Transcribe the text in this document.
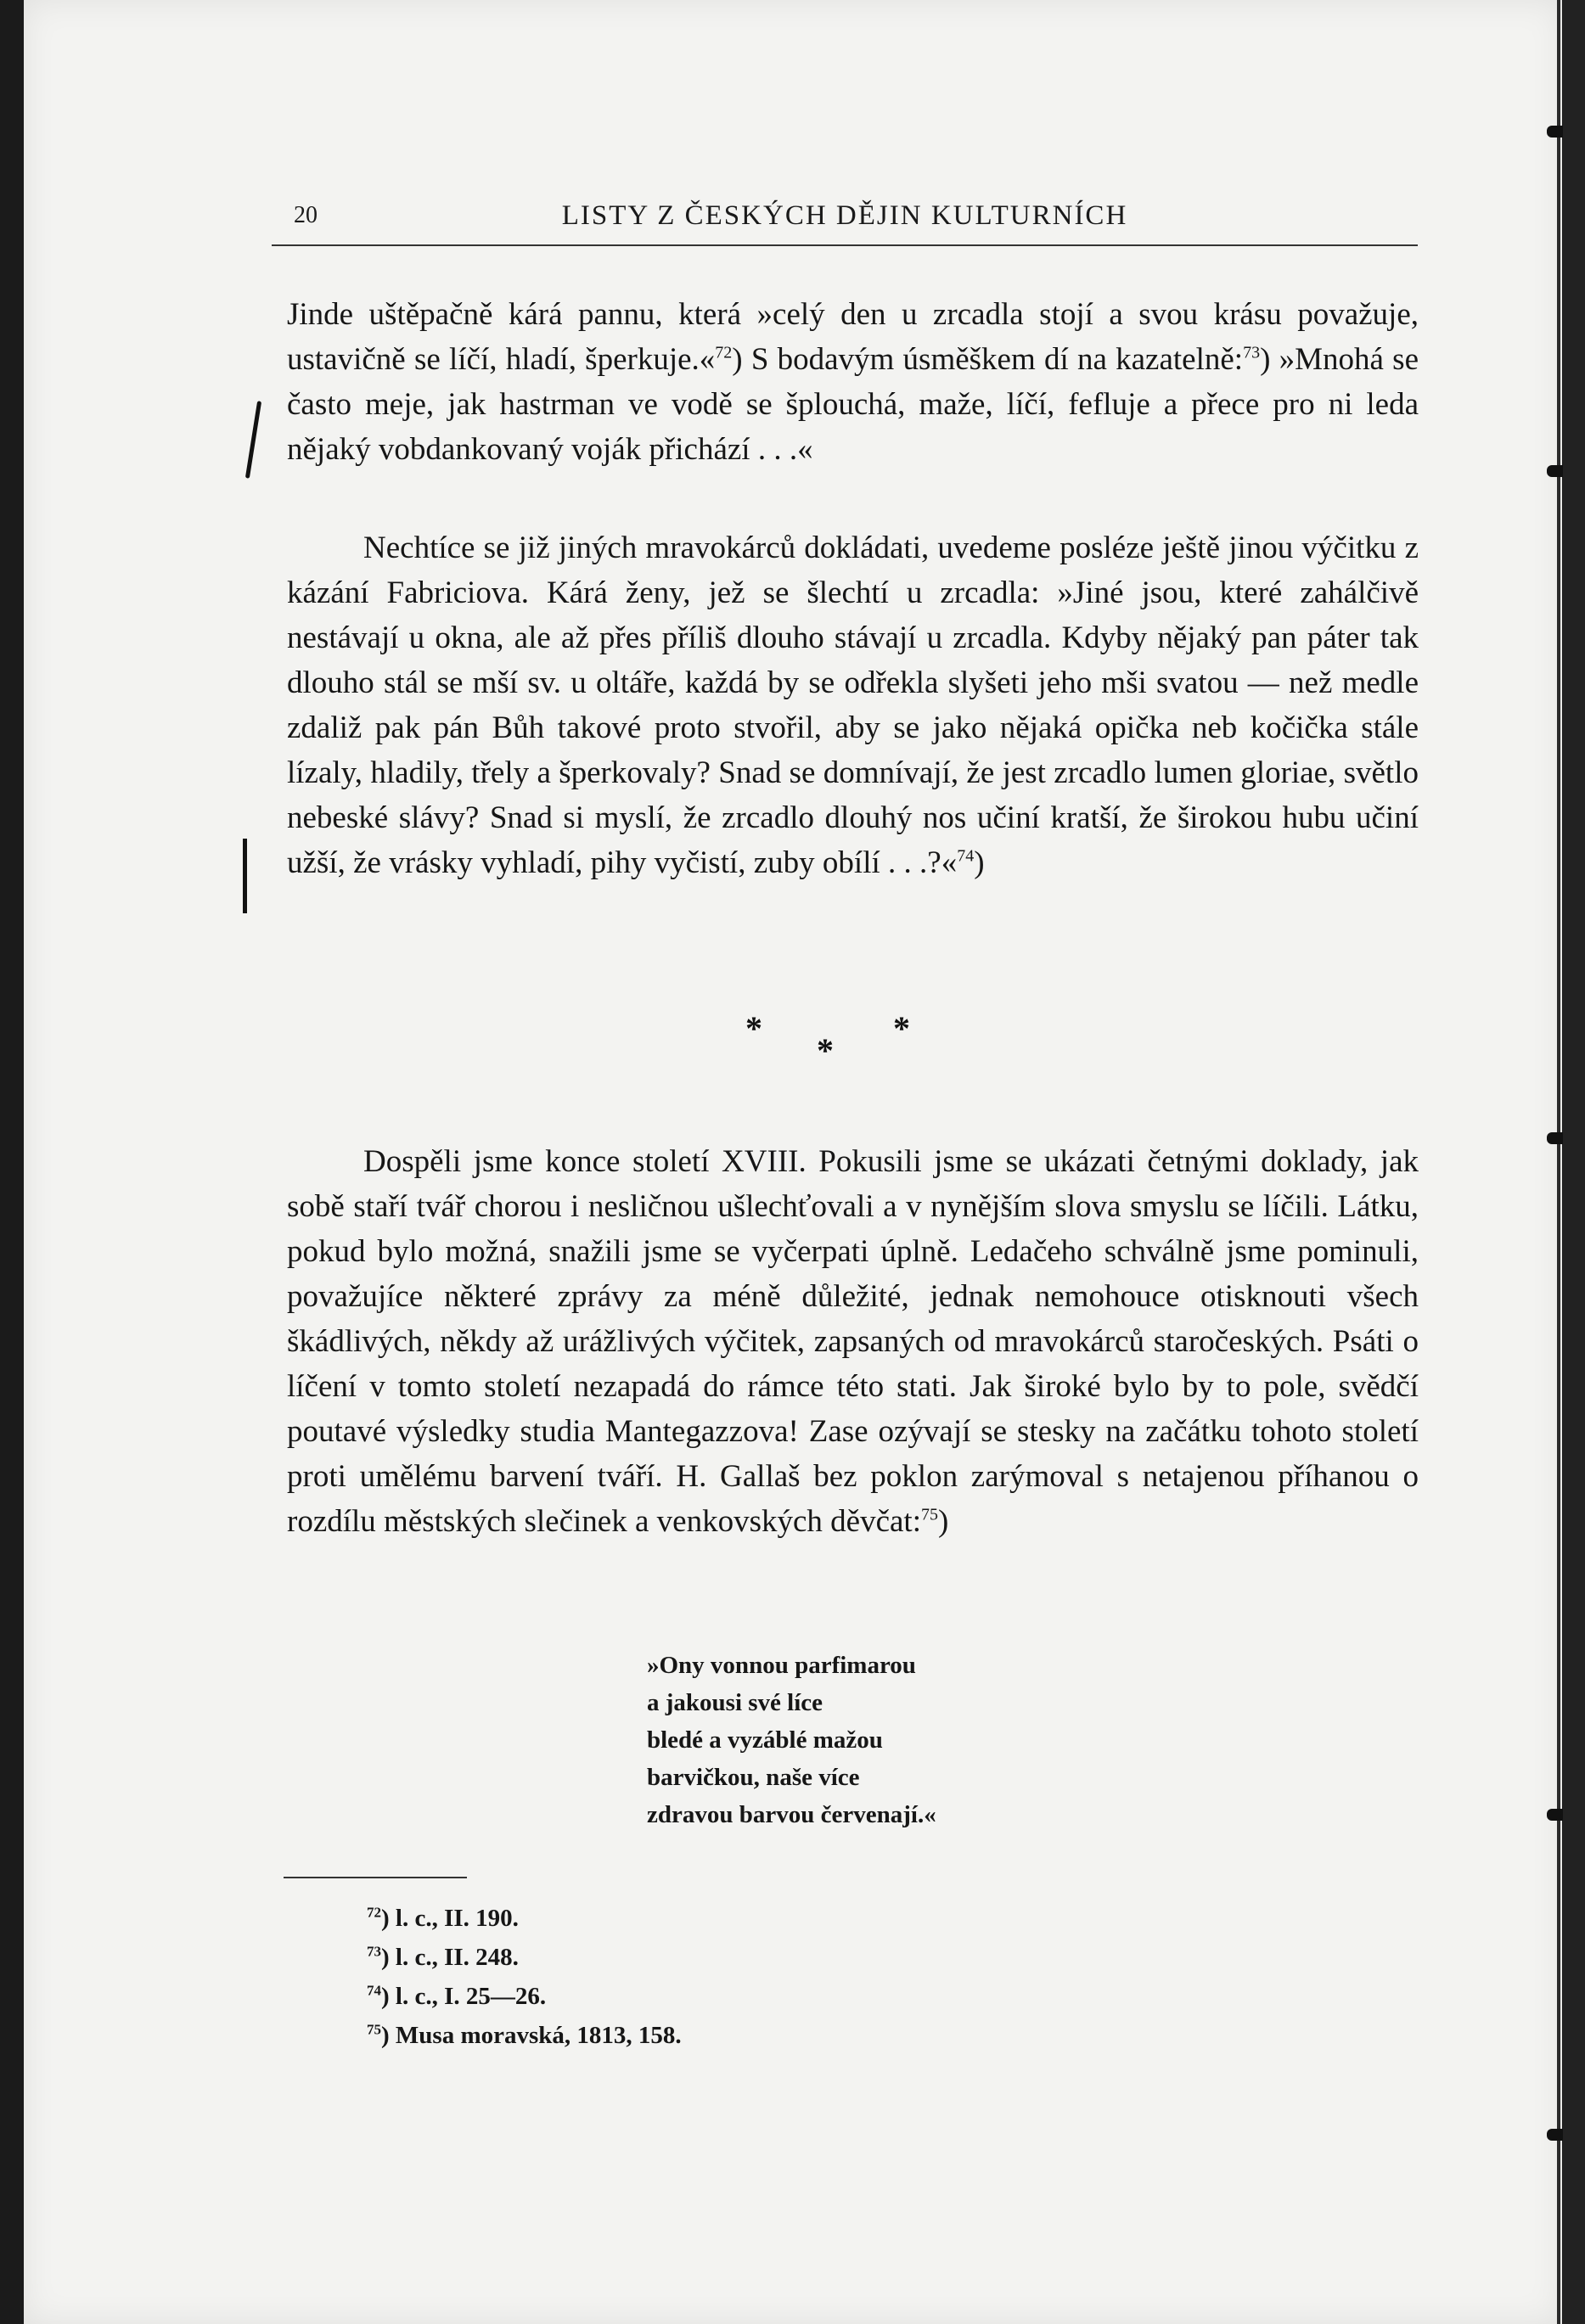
20	LISTY Z ČESKÝCH DĚJIN KULTURNÍCH

Jinde uštěpačně kárá pannu, která »celý den u zrcadla stojí a svou krásu považuje, ustavičně se líčí, hladí, šperkuje.«$^{72}$) S bodavým úsměškem dí na kazatelně:$^{73}$) »Mnohá se často meje, jak hastrman ve vodě se šplouchá, maže, líčí, fefluje a přece pro ni leda nějaký vobdankovaný voják přichází . . .«

Nechtíce se již jiných mravokárců dokládati, uvedeme posléze ještě jinou výčitku z kázání Fabriciova. Kárá ženy, jež se šlechtí u zrcadla: »Jiné jsou, které zahálčivě nestávají u okna, ale až přes příliš dlouho stávají u zrcadla. Kdyby nějaký pan páter tak dlouho stál se mší sv. u oltáře, každá by se odřekla slyšeti jeho mši svatou — než medle zdaliž pak pán Bůh takové proto stvořil, aby se jako nějaká opička neb kočička stále lízaly, hladily, třely a šperkovaly? Snad se domnívají, že jest zrcadlo lumen gloriae, světlo nebeské slávy? Snad si myslí, že zrcadlo dlouhý nos učiní kratší, že širokou hubu učiní užší, že vrásky vyhladí, pihy vyčistí, zuby obílí . . .?«$^{74}$)

Dospěli jsme konce století XVIII. Pokusili jsme se ukázati četnými doklady, jak sobě staří tvář chorou i nesličnou ušlechťovali a v nynějším slova smyslu se líčili. Látku, pokud bylo možná, snažili jsme se vyčerpati úplně. Ledačeho schválně jsme pominuli, považujíce některé zprávy za méně důležité, jednak nemohouce otisknouti všech škádlivých, někdy až urážlivých výčitek, zapsaných od mravokárců staročeských. Psáti o líčení v tomto století nezapadá do rámce této stati. Jak široké bylo by to pole, svědčí poutavé výsledky studia Mantegazzova! Zase ozývají se stesky na začátku tohoto století proti umělému barvení tváří. H. Gallaš bez poklon zarýmoval s netajenou příhanou o rozdílu městských slečinek a venkovských děvčat:$^{75}$)

»Ony vonnou parfimarou
a jakousi své líce
bledé a vyzáblé mažou
barvičkou, naše více
zdravou barvou červenají.«
$^{72}$) l. c., II. 190.
$^{73}$) l. c., II. 248.
$^{74}$) l. c., I. 25—26.
$^{75}$) Musa moravská, 1813, 158.
*
*
*
